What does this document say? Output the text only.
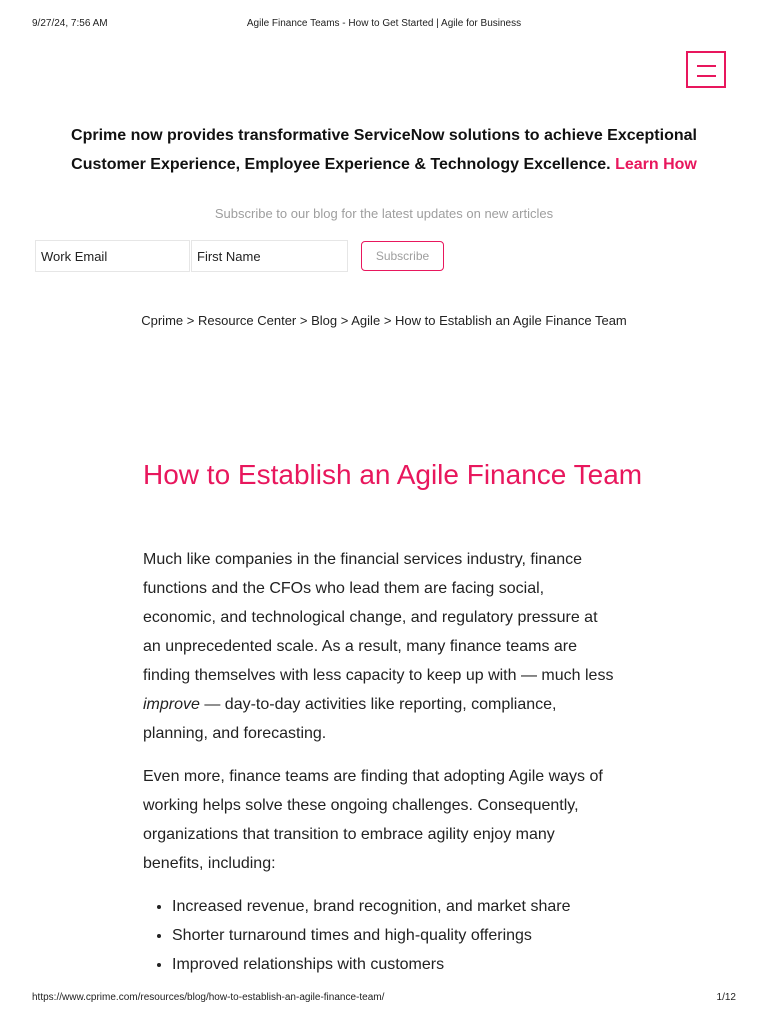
9/27/24, 7:56 AM	Agile Finance Teams - How to Get Started | Agile for Business
Cprime now provides transformative ServiceNow solutions to achieve Exceptional
Customer Experience, Employee Experience & Technology Excellence. Learn How
Subscribe to our blog for the latest updates on new articles
Work Email
First Name
Subscribe
Cprime > Resource Center > Blog > Agile > How to Establish an Agile Finance Team
How to Establish an Agile Finance Team

Much like companies in the financial services industry, finance
functions and the CFOs who lead them are facing social,
economic, and technological change, and regulatory pressure at
an unprecedented scale. As a result, many finance teams are
finding themselves with less capacity to keep up with — much less
improve — day-to-day activities like reporting, compliance,
planning, and forecasting.

Even more, finance teams are finding that adopting Agile ways of
working helps solve these ongoing challenges. Consequently,
organizations that transition to embrace agility enjoy many
benefits, including:

• Increased revenue, brand recognition, and market share
• Shorter turnaround times and high-quality offerings
• Improved relationships with customers
https://www.cprime.com/resources/blog/how-to-establish-an-agile-finance-team/	1/12
